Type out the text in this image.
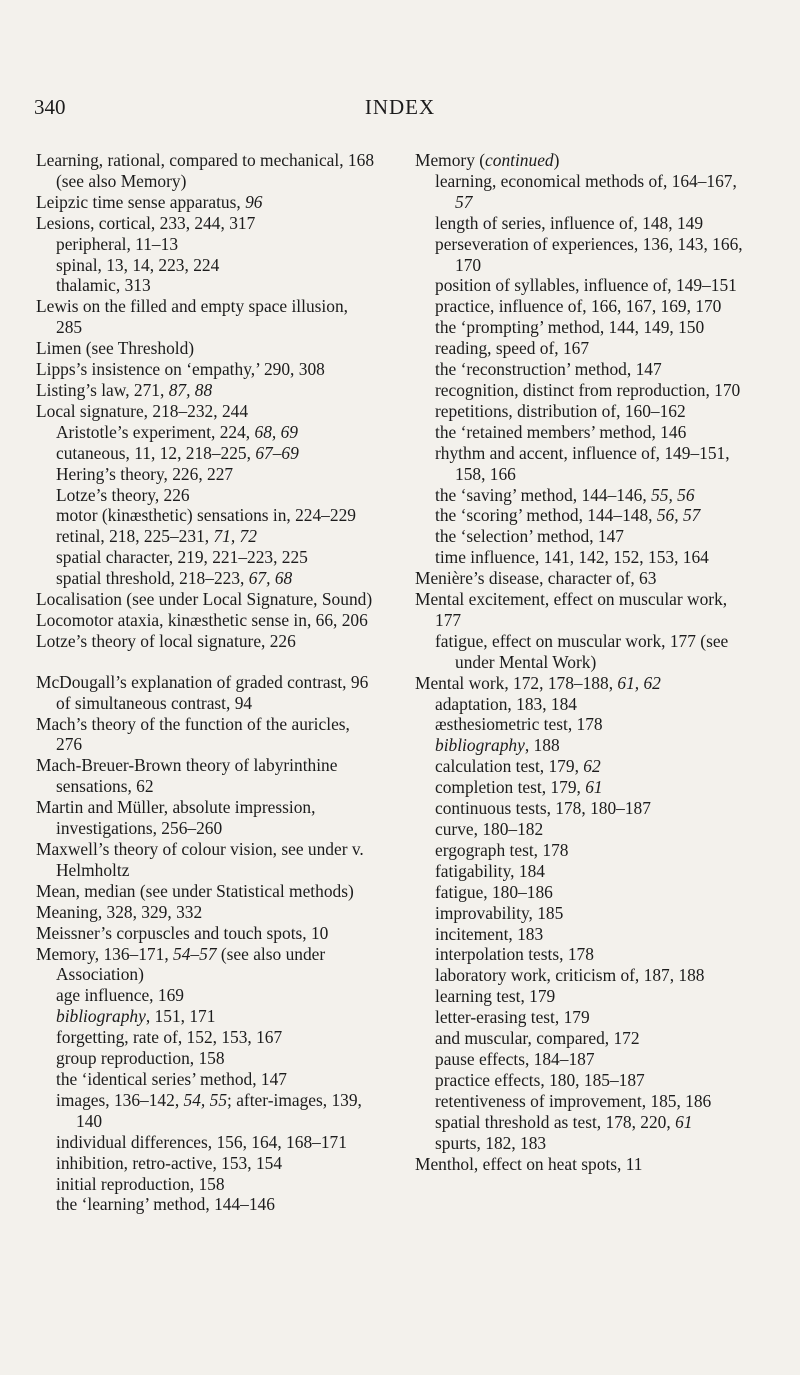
340	INDEX
Learning, rational, compared to mechanical, 168 (see also Memory)
Leipzic time sense apparatus, 96
Lesions, cortical, 233, 244, 317
peripheral, 11–13
spinal, 13, 14, 223, 224
thalamic, 313
Lewis on the filled and empty space illusion, 285
Limen (see Threshold)
Lipps’s insistence on ‘empathy,’ 290, 308
Listing’s law, 271, 87, 88
Local signature, 218–232, 244
Aristotle’s experiment, 224, 68, 69
cutaneous, 11, 12, 218–225, 67–69
Hering’s theory, 226, 227
Lotze’s theory, 226
motor (kinæsthetic) sensations in, 224–229
retinal, 218, 225–231, 71, 72
spatial character, 219, 221–223, 225
spatial threshold, 218–223, 67, 68
Localisation (see under Local Signature, Sound)
Locomotor ataxia, kinæsthetic sense in, 66, 206
Lotze’s theory of local signature, 226
McDougall’s explanation of graded contrast, 96
of simultaneous contrast, 94
Mach’s theory of the function of the auricles, 276
Mach-Breuer-Brown theory of labyrinthine sensations, 62
Martin and Müller, absolute impression, investigations, 256–260
Maxwell’s theory of colour vision, see under v. Helmholtz
Mean, median (see under Statistical methods)
Meaning, 328, 329, 332
Meissner’s corpuscles and touch spots, 10
Memory, 136–171, 54–57 (see also under Association)
age influence, 169
bibliography, 151, 171
forgetting, rate of, 152, 153, 167
group reproduction, 158
the ‘identical series’ method, 147
images, 136–142, 54, 55; after-images, 139, 140
individual differences, 156, 164, 168–171
inhibition, retro-active, 153, 154
initial reproduction, 158
the ‘learning’ method, 144–146
Memory (continued)
learning, economical methods of, 164–167, 57
length of series, influence of, 148, 149
perseveration of experiences, 136, 143, 166, 170
position of syllables, influence of, 149–151
practice, influence of, 166, 167, 169, 170
the ‘prompting’ method, 144, 149, 150
reading, speed of, 167
the ‘reconstruction’ method, 147
recognition, distinct from reproduction, 170
repetitions, distribution of, 160–162
the ‘retained members’ method, 146
rhythm and accent, influence of, 149–151, 158, 166
the ‘saving’ method, 144–146, 55, 56
the ‘scoring’ method, 144–148, 56, 57
the ‘selection’ method, 147
time influence, 141, 142, 152, 153, 164
Menière’s disease, character of, 63
Mental excitement, effect on muscular work, 177
fatigue, effect on muscular work, 177 (see under Mental Work)
Mental work, 172, 178–188, 61, 62
adaptation, 183, 184
æsthesiometric test, 178
bibliography, 188
calculation test, 179, 62
completion test, 179, 61
continuous tests, 178, 180–187
curve, 180–182
ergograph test, 178
fatigability, 184
fatigue, 180–186
improvability, 185
incitement, 183
interpolation tests, 178
laboratory work, criticism of, 187, 188
learning test, 179
letter-erasing test, 179
and muscular, compared, 172
pause effects, 184–187
practice effects, 180, 185–187
retentiveness of improvement, 185, 186
spatial threshold as test, 178, 220, 61
spurts, 182, 183
Menthol, effect on heat spots, 11
